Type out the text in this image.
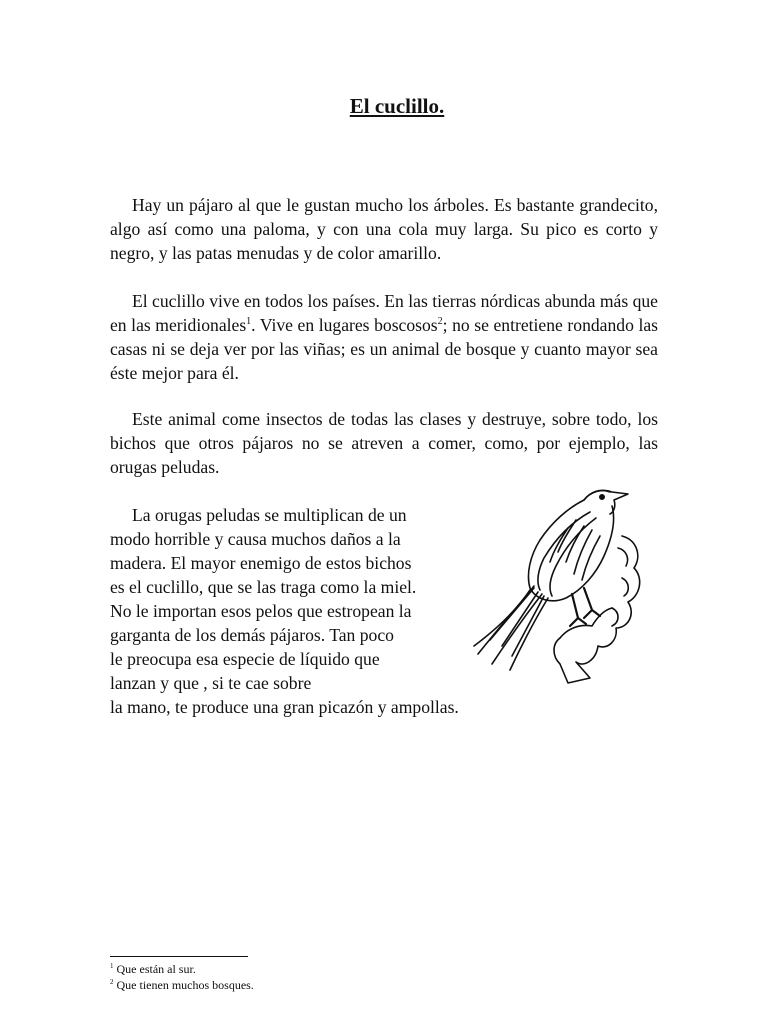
El cuclillo.

Hay un pájaro al que le gustan mucho los árboles. Es bastante grandecito, algo así como una paloma, y con una cola muy larga. Su pico es corto y negro, y las patas menudas y de color amarillo.

El cuclillo vive en todos los países. En las tierras nórdicas abunda más que en las meridionales$^1$. Vive en lugares boscosos$^2$; no se entretiene rondando las casas ni se deja ver por las viñas; es un animal de bosque y cuanto mayor sea éste mejor para él.

Este animal come insectos de todas las clases y destruye, sobre todo, los bichos que otros pájaros no se atreven a comer, como, por ejemplo, las orugas peludas.

La orugas peludas se multiplican de un
modo horrible y causa muchos daños a la
madera. El mayor enemigo de estos bichos
es el cuclillo, que se las traga como la miel.
No le importan esos pelos que estropean la
garganta de los demás pájaros. Tan poco
le preocupa esa especie de líquido que
lanzan y que , si te cae sobre
la mano, te produce una gran picazón y ampollas.

$^1$ Que están al sur.
$^2$ Que tienen muchos bosques.
